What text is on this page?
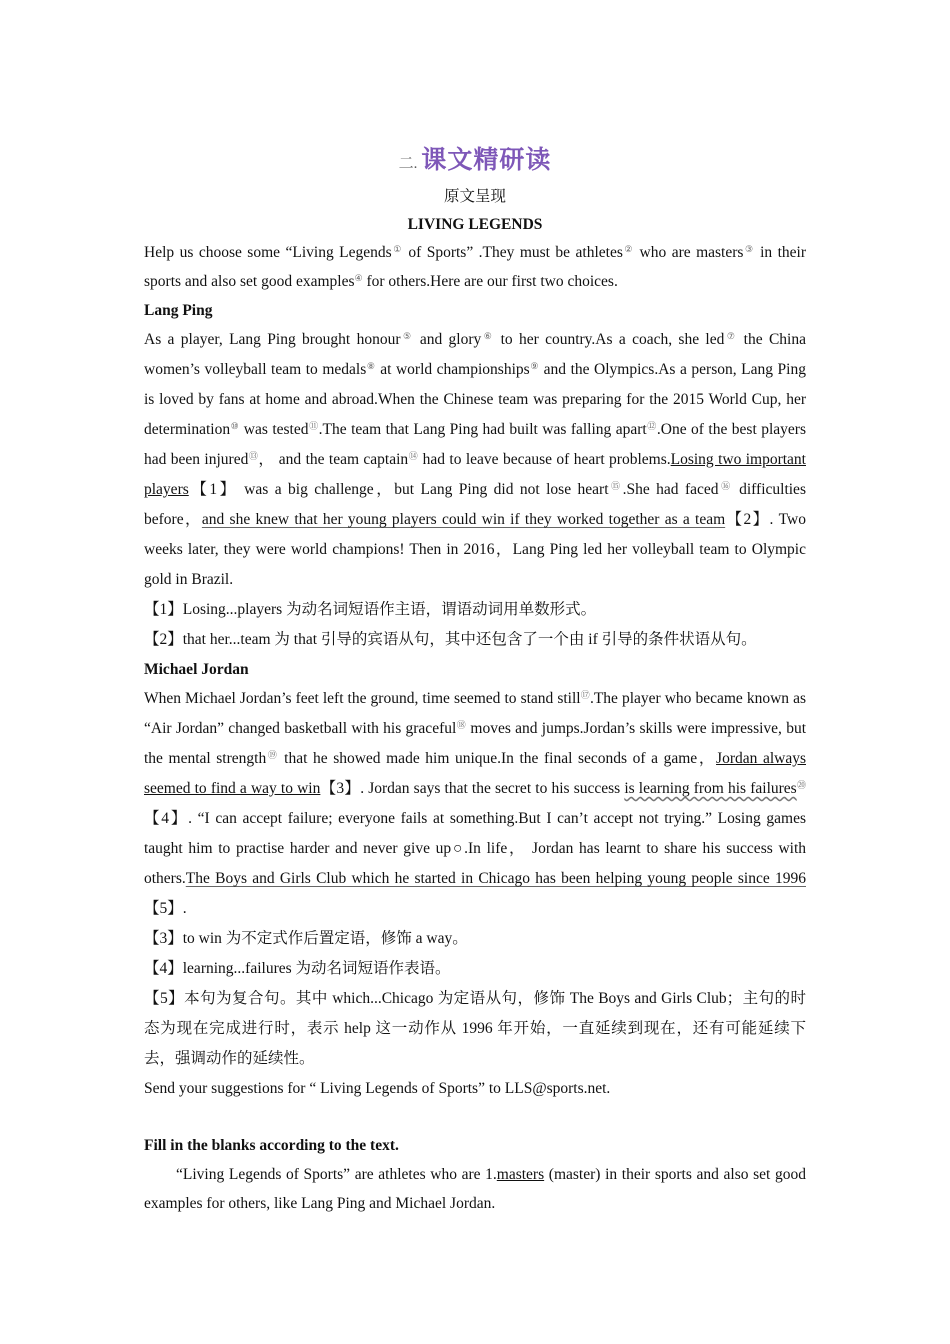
二. 课文精研读
原文呈现
LIVING LEGENDS

Help us choose some “Living Legends① of Sports” .They must be athletes② who are masters③ in their sports and also set good examples④ for others.Here are our first two choices.

Lang Ping

As a player, Lang Ping brought honour⑤ and glory⑥ to her country.As a coach, she led⑦ the China women’s volleyball team to medals⑧ at world championships⑨ and the Olympics.As a person, Lang Ping is loved by fans at home and abroad.When the Chinese team was preparing for the 2015 World Cup, her determination⑩ was tested⑪.The team that Lang Ping had built was falling apart⑫.One of the best players had been injured⑬， and the team captain⑭ had to leave because of heart problems.Losing two important players【1】 was a big challenge，but Lang Ping did not lose heart⑮.She had faced⑯ difficulties before，and she knew that her young players could win if they worked together as a team【2】. Two weeks later, they were world champions! Then in 2016，Lang Ping led her volleyball team to Olympic gold in Brazil.

【1】Losing...players 为动名词短语作主语，谓语动词用单数形式。
【2】that her...team 为 that 引导的宾语从句，其中还包含了一个由 if 引导的条件状语从句。
Michael Jordan

When Michael Jordan’s feet left the ground, time seemed to stand still⑰.The player who became known as “Air Jordan” changed basketball with his graceful⑱ moves and jumps.Jordan’s skills were impressive, but the mental strength⑲ that he showed made him unique.In the final seconds of a game，Jordan always seemed to find a way to win【3】. Jordan says that the secret to his success is learning from his failures⑳ 【4】. “I can accept failure; everyone fails at something.But I can’t accept not trying.” Losing games taught him to practise harder and never give up○.In life， Jordan has learnt to share his success with others.The Boys and Girls Club which he started in Chicago has been helping young people since 1996【5】.

【3】to win 为不定式作后置定语，修饰 a way。
【4】learning...failures 为动名词短语作表语。
【5】本句为复合句。其中 which...Chicago 为定语从句，修饰 The Boys and Girls Club；主句的时态为现在完成进行时，表示 help 这一动作从 1996 年开始，一直延续到现在，还有可能延续下去，强调动作的延续性。
Send your suggestions for “ Living Legends of Sports” to LLS@sports.net.
Fill in the blanks according to the text.

“Living Legends of Sports” are athletes who are 1.masters (master) in their sports and also set good examples for others, like Lang Ping and Michael Jordan.
